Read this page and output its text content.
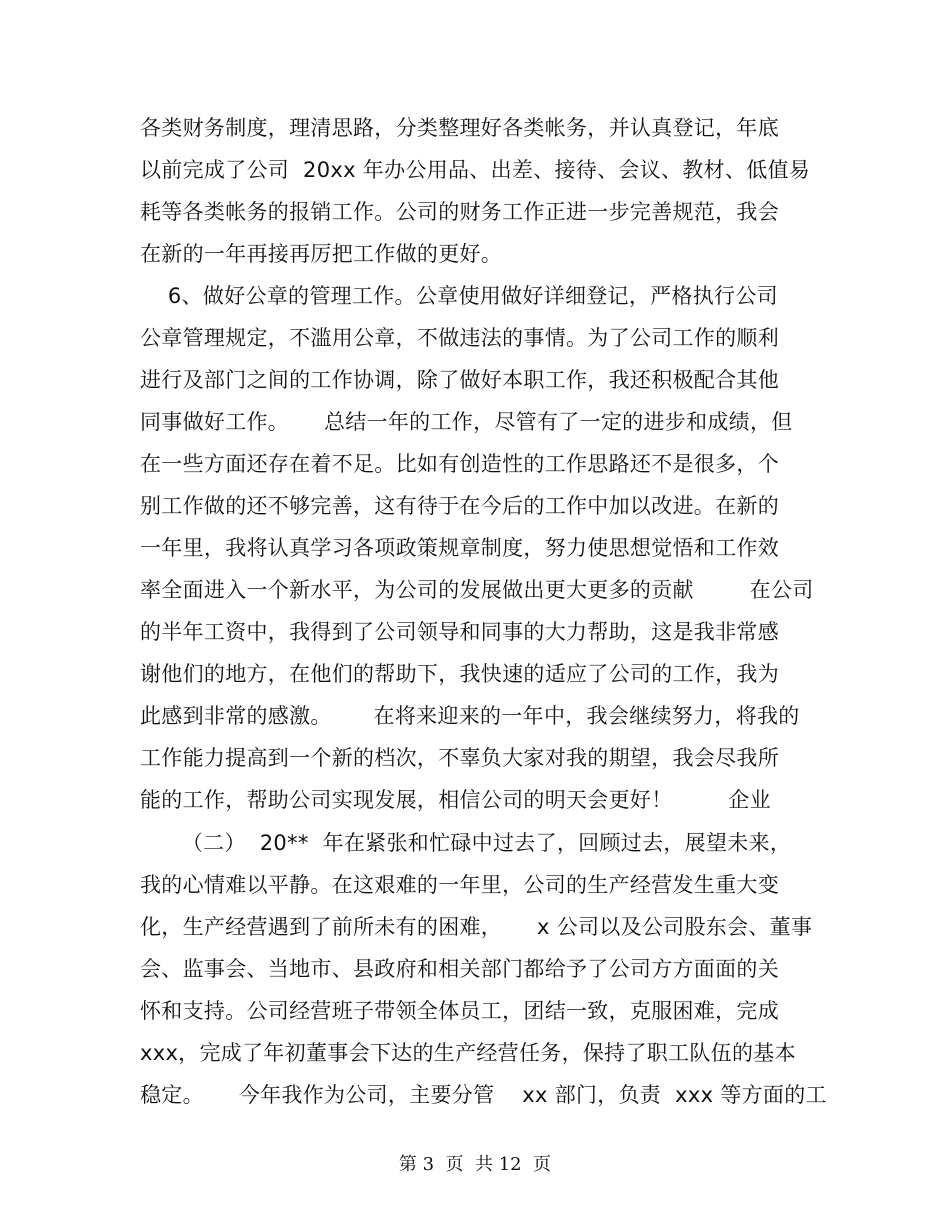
各类财务制度，理清思路，分类整理好各类帐务，并认真登记，年底
以前完成了公司  20xx 年办公用品、出差、接待、会议、教材、低值易
耗等各类帐务的报销工作。公司的财务工作正进一步完善规范，我会
在新的一年再接再厉把工作做的更好。
6、做好公章的管理工作。公章使用做好详细登记，严格执行公司
公章管理规定，不滥用公章，不做违法的事情。为了公司工作的顺利
进行及部门之间的工作协调，除了做好本职工作，我还积极配合其他
同事做好工作。     总结一年的工作，尽管有了一定的进步和成绩，但
在一些方面还存在着不足。比如有创造性的工作思路还不是很多，个
别工作做的还不够完善，这有待于在今后的工作中加以改进。在新的
一年里，我将认真学习各项政策规章制度，努力使思想觉悟和工作效
率全面进入一个新水平，为公司的发展做出更大更多的贡献        在公司
的半年工资中，我得到了公司领导和同事的大力帮助，这是我非常感
谢他们的地方，在他们的帮助下，我快速的适应了公司的工作，我为
此感到非常的感激。      在将来迎来的一年中，我会继续努力，将我的
工作能力提高到一个新的档次，不辜负大家对我的期望，我会尽我所
能的工作，帮助公司实现发展，相信公司的明天会更好！        企业
（二）  20**  年在紧张和忙碌中过去了，回顾过去，展望未来，
我的心情难以平静。在这艰难的一年里，公司的生产经营发生重大变
化，生产经营遇到了前所未有的困难，     x 公司以及公司股东会、董事
会、监事会、当地市、县政府和相关部门都给予了公司方方面面的关
怀和支持。公司经营班子带领全体员工，团结一致，克服困难，完成
xxx，完成了年初董事会下达的生产经营任务，保持了职工队伍的基本
稳定。     今年我作为公司，主要分管    xx 部门，负责  xxx 等方面的工
第 3  页  共 12  页
